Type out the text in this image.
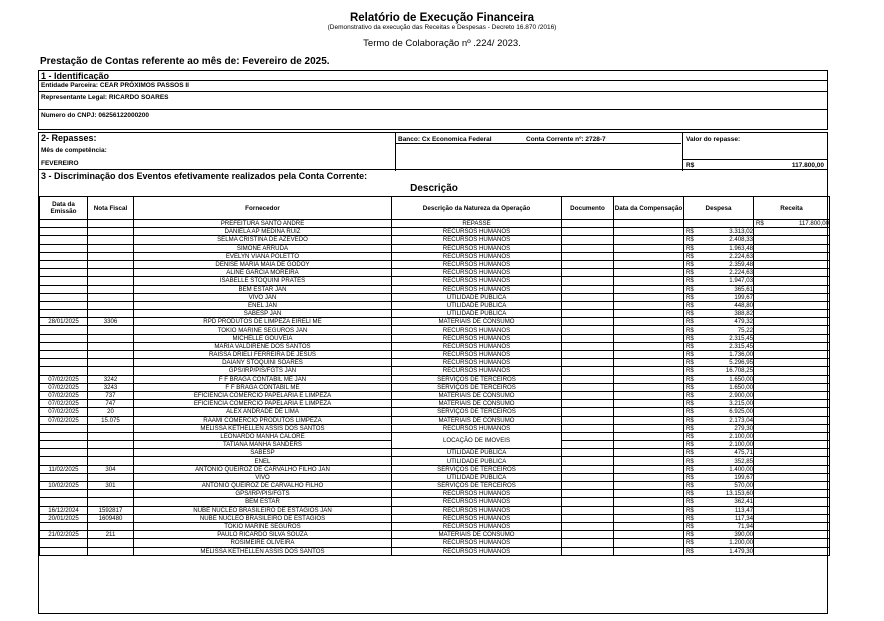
Relatório de Execução Financeira
(Demonstrativo da execução das Receitas e Despesas - Decreto 16.870 /2016)
Termo de Colaboração nº .224/ 2023.
Prestação de Contas referente ao mês de: Fevereiro de 2025.
1 - Identificação
Entidade Parceira: CEAR PRÓXIMOS PASSOS II
Representante Legal: RICARDO SOARES
Numero do CNPJ: 06256122000200
2- Repasses:
Mês de competência:
FEVEREIRO
Banco: Cx Economica Federal	Conta Corrente nº: 2728-7	Valor do repasse:
R$	117.800,00
3 - Discriminação dos Eventos efetivamente realizados pela Conta Corrente:
Descrição
Data da Emissão	Nota Fiscal	Fornecedor	Descrição da Natureza da Operação	Documento	Data da Compensação	Despesa	Receita
		PREFEITURA SANTO ANDRE	REPASSE				R$ 117.800,00
		DANIELA AP MEDINA RUIZ	RECURSOS HUMANOS			R$ 3.313,02	
		SELMA CRISTINA DE AZEVEDO	RECURSOS HUMANOS			R$ 2.408,33	
		SIMONE ARRUDA	RECURSOS HUMANOS			R$ 1.963,48	
		EVELYN VIANA POLETTO	RECURSOS HUMANOS			R$ 2.224,63	
		DENISE MARIA MAIA DE GODOY	RECURSOS HUMANOS			R$ 2.359,48	
		ALINE GARCIA MOREIRA	RECURSOS HUMANOS			R$ 2.224,63	
		ISABELLE STOQUINI PRATES	RECURSOS HUMANOS			R$ 1.947,03	
		BEM ESTAR JAN	RECURSOS HUMANOS			R$ 365,61	
		VIVO JAN	UTILIDADE PUBLICA			R$ 199,67	
		ENEL JAN	UTILIDADE PUBLICA			R$ 448,80	
		SABESP JAN	UTILIDADE PUBLICA			R$ 388,82	
28/01/2025	3306	RPD PRODUTOS DE LIMPEZA EIRELI ME	MATERIAIS DE CONSUMO			R$ 479,32	
		TOKIO MARINE SEGUROS JAN	RECURSOS HUMANOS			R$ 75,22	
		MICHELLE GOUVEIA	RECURSOS HUMANOS			R$ 2.315,45	
		MARIA VALDIRENE DOS SANTOS	RECURSOS HUMANOS			R$ 2.315,45	
		RAISSA DRIELI FERREIRA DE JESUS	RECURSOS HUMANOS			R$ 1.736,00	
		DAIANY STOQUINI SOARES	RECURSOS HUMANOS			R$ 5.296,95	
		GPS/IRP/PIS/FGTS JAN	RECURSOS HUMANOS			R$ 16.708,25	
07/02/2025	3242	F F BRAGA CONTABIL ME JAN	SERVIÇOS DE TERCEIROS			R$ 1.650,00	
07/02/2025	3243	F F BRAGA CONTABIL ME	SERVIÇOS DE TERCEIROS			R$ 1.650,00	
07/02/2025	737	EFICIENCIA COMERCIO PAPELARIA E LIMPEZA	MATERIAIS DE CONSUMO			R$ 2.900,00	
07/02/2025	747	EFICIENCIA COMERCIO PAPELARIA E LIMPEZA	MATERIAIS DE CONSUMO			R$ 3.215,00	
07/02/2025	20	ALEX ANDRADE DE LIMA	SERVIÇOS DE TERCEIROS			R$ 6.925,00	
07/02/2025	15.075	RAAMI COMERCIO PRODUTOS LIMPEZA	MATERIAIS DE CONSUMO			R$ 2.173,04	
		MELISSA KETHELLEN ASSIS DOS SANTOS	RECURSOS HUMANOS			R$ 279,30	
		LEONARDO MANHA CALORE	LOCAÇÃO DE IMOVEIS			R$ 2.100,00	
		TATIANA MANHA SANDERS				R$ 2.100,00	
		SABESP	UTILIDADE PUBLICA			R$ 475,71	
		ENEL	UTILIDADE PUBLICA			R$ 352,85	
11/02/2025	304	ANTONIO QUEIROZ DE CARVALHO FILHO JAN	SERVIÇOS DE TERCEIROS			R$ 1.400,00	
		VIVO	UTILIDADE PUBLICA			R$ 199,67	
10/02/2025	301	ANTONIO QUEIROZ DE CARVALHO FILHO	SERVIÇOS DE TERCEIROS			R$ 570,00	
		GPS/IRP/PIS/FGTS	RECURSOS HUMANOS			R$ 13.153,60	
		BEM ESTAR	RECURSOS HUMANOS			R$ 362,41	
16/12/2024	1592817	NUBE NUCLEO BRASILEIRO DE ESTÁGIOS JAN	RECURSOS HUMANOS			R$ 113,47	
20/01/2025	1609480	NUBE NUCLEO BRASILEIRO DE ESTÁGIOS	RECURSOS HUMANOS			R$ 117,34	
		TOKIO MARINE SEGUROS	RECURSOS HUMANOS			R$ 71,94	
21/02/2025	211	PAULO RICARDO SILVA SOUZA	MATERIAIS DE CONSUMO			R$ 390,00	
		ROSIMEIRE OLIVEIRA	RECURSOS HUMANOS			R$ 1.200,00	
		MELISSA KETHELLEN ASSIS DOS SANTOS	RECURSOS HUMANOS			R$ 1.479,30	
